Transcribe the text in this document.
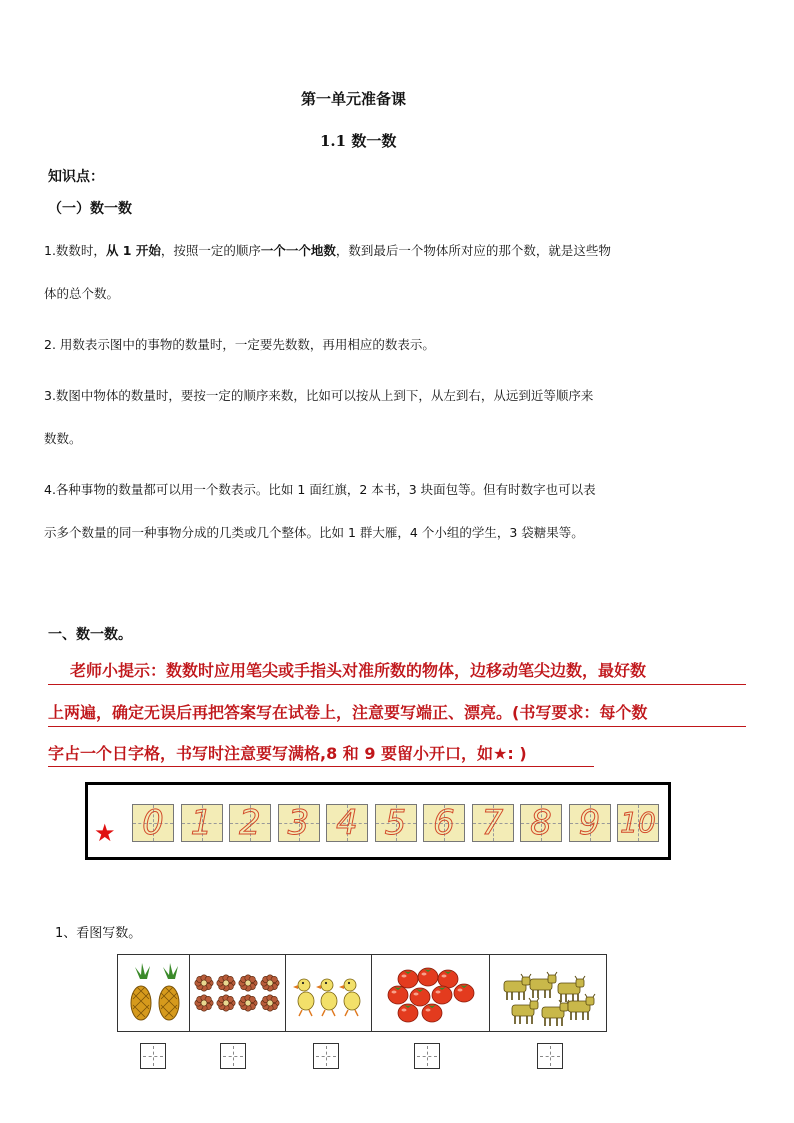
第一单元准备课
1.1 数一数
知识点：
（一）数一数
1.数数时，从 1 开始，按照一定的顺序一个一个地数，数到最后一个物体所对应的那个数，就是这些物
体的总个数。
2. 用数表示图中的事物的数量时，一定要先数数，再用相应的数表示。
3.数图中物体的数量时，要按一定的顺序来数，比如可以按从上到下，从左到右，从远到近等顺序来
数数。
4.各种事物的数量都可以用一个数表示。比如 1 面红旗，2 本书，3 块面包等。但有时数字也可以表
示多个数量的同一种事物分成的几类或几个整体。比如 1 群大雁，4 个小组的学生，3 袋糖果等。
一、数一数。
老师小提示：数数时应用笔尖或手指头对准所数的物体，边移动笔尖边数，最好数
上两遍，确定无误后再把答案写在试卷上，注意要写端正、漂亮。(书写要求：每个数
字占一个日字格，书写时注意要写满格,8 和 9 要留小开口，如★: )
★ 0 1 2 3 4 5 6 7 8 9 10
1、看图写数。
